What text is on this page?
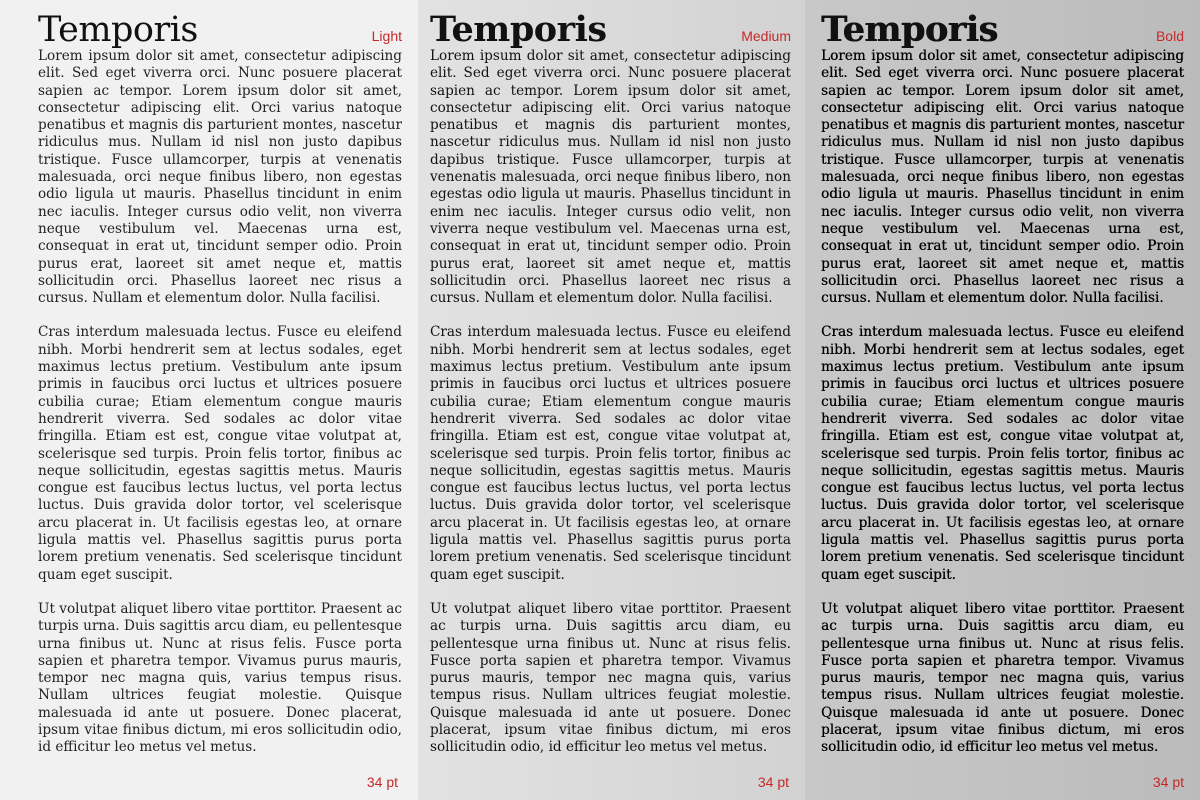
Temporis	Light

Lorem ipsum dolor sit amet, consectetur adipiscing elit. Sed eget viverra orci. Nunc posuere placerat sapien ac tempor. Lorem ipsum dolor sit amet, consectetur adipiscing elit. Orci varius natoque penatibus et magnis dis parturient montes, nascetur ridiculus mus. Nullam id nisl non justo dapibus tristique. Fusce ullamcorper, turpis at venenatis malesuada, orci neque finibus libero, non egestas odio ligula ut mauris. Phasellus tincidunt in enim nec iaculis. Integer cursus odio velit, non viverra neque vestibulum vel. Maecenas urna est, consequat in erat ut, tincidunt semper odio. Proin purus erat, laoreet sit amet neque et, mattis sollicitudin orci. Phasellus laoreet nec risus a cursus. Nullam et elementum dolor. Nulla facilisi.

Cras interdum malesuada lectus. Fusce eu eleifend nibh. Morbi hendrerit sem at lectus sodales, eget maximus lectus pretium. Vestibulum ante ipsum primis in faucibus orci luctus et ultrices posuere cubilia curae; Etiam elementum congue mauris hendrerit viverra. Sed sodales ac dolor vitae fringilla. Etiam est est, congue vitae volutpat at, scelerisque sed turpis. Proin felis tortor, finibus ac neque sollicitudin, egestas sagittis metus. Mauris congue est faucibus lectus luctus, vel porta lectus luctus. Duis gravida dolor tortor, vel scelerisque arcu placerat in. Ut facilisis egestas leo, at ornare ligula mattis vel. Phasellus sagittis purus porta lorem pretium venenatis. Sed scelerisque tincidunt quam eget suscipit.

Ut volutpat aliquet libero vitae porttitor. Praesent ac turpis urna. Duis sagittis arcu diam, eu pellentesque urna finibus ut. Nunc at risus felis. Fusce porta sapien et pharetra tempor. Vivamus purus mauris, tempor nec magna quis, varius tempus risus. Nullam ultrices feugiat molestie. Quisque malesuada id ante ut posuere. Donec placerat, ipsum vitae finibus dictum, mi eros sollicitudin odio, id efficitur leo metus vel metus.

34 pt
Temporis	Medium

Lorem ipsum dolor sit amet, consectetur adipiscing elit. Sed eget viverra orci. Nunc posuere placerat sapien ac tempor. Lorem ipsum dolor sit amet, consectetur adipiscing elit. Orci varius natoque penatibus et magnis dis parturient montes, nascetur ridiculus mus. Nullam id nisl non justo dapibus tristique. Fusce ullamcorper, turpis at venenatis malesuada, orci neque finibus libero, non egestas odio ligula ut mauris. Phasellus tincidunt in enim nec iaculis. Integer cursus odio velit, non viverra neque vestibulum vel. Maecenas urna est, consequat in erat ut, tincidunt semper odio. Proin purus erat, laoreet sit amet neque et, mattis sollicitudin orci. Phasellus laoreet nec risus a cursus. Nullam et elementum dolor. Nulla facilisi.

Cras interdum malesuada lectus. Fusce eu eleifend nibh. Morbi hendrerit sem at lectus sodales, eget maximus lectus pretium. Vestibulum ante ipsum primis in faucibus orci luctus et ultrices posuere cubilia curae; Etiam elementum congue mauris hendrerit viverra. Sed sodales ac dolor vitae fringilla. Etiam est est, congue vitae volutpat at, scelerisque sed turpis. Proin felis tortor, finibus ac neque sollicitudin, egestas sagittis metus. Mauris congue est faucibus lectus luctus, vel porta lectus luctus. Duis gravida dolor tortor, vel scelerisque arcu placerat in. Ut facilisis egestas leo, at ornare ligula mattis vel. Phasellus sagittis purus porta lorem pretium venenatis. Sed scelerisque tincidunt quam eget suscipit.

Ut volutpat aliquet libero vitae porttitor. Praesent ac turpis urna. Duis sagittis arcu diam, eu pellentesque urna finibus ut. Nunc at risus felis. Fusce porta sapien et pharetra tempor. Vivamus purus mauris, tempor nec magna quis, varius tempus risus. Nullam ultrices feugiat molestie. Quisque malesuada id ante ut posuere. Donec placerat, ipsum vitae finibus dictum, mi eros sollicitudin odio, id efficitur leo metus vel metus.

34 pt
Temporis	Bold

Lorem ipsum dolor sit amet, consectetur adipiscing elit. Sed eget viverra orci. Nunc posuere placerat sapien ac tempor. Lorem ipsum dolor sit amet, consectetur adipiscing elit. Orci varius natoque penatibus et magnis dis parturient montes, nascetur ridiculus mus. Nullam id nisl non justo dapibus tristique. Fusce ullamcorper, turpis at venenatis malesuada, orci neque finibus libero, non egestas odio ligula ut mauris. Phasellus tincidunt in enim nec iaculis. Integer cursus odio velit, non viverra neque vestibulum vel. Maecenas urna est, consequat in erat ut, tincidunt semper odio. Proin purus erat, laoreet sit amet neque et, mattis sollicitudin orci. Phasellus laoreet nec risus a cursus. Nullam et elementum dolor. Nulla facilisi.

Cras interdum malesuada lectus. Fusce eu eleifend nibh. Morbi hendrerit sem at lectus sodales, eget maximus lectus pretium. Vestibulum ante ipsum primis in faucibus orci luctus et ultrices posuere cubilia curae; Etiam elementum congue mauris hendrerit viverra. Sed sodales ac dolor vitae fringilla. Etiam est est, congue vitae volutpat at, scelerisque sed turpis. Proin felis tortor, finibus ac neque sollicitudin, egestas sagittis metus. Mauris congue est faucibus lectus luctus, vel porta lectus luctus. Duis gravida dolor tortor, vel scelerisque arcu placerat in. Ut facilisis egestas leo, at ornare ligula mattis vel. Phasellus sagittis purus porta lorem pretium venenatis. Sed scelerisque tincidunt quam eget suscipit.

Ut volutpat aliquet libero vitae porttitor. Praesent ac turpis urna. Duis sagittis arcu diam, eu pellentesque urna finibus ut. Nunc at risus felis. Fusce porta sapien et pharetra tempor. Vivamus purus mauris, tempor nec magna quis, varius tempus risus. Nullam ultrices feugiat molestie. Quisque malesuada id ante ut posuere. Donec placerat, ipsum vitae finibus dictum, mi eros sollicitudin odio, id efficitur leo metus vel metus.

34 pt
